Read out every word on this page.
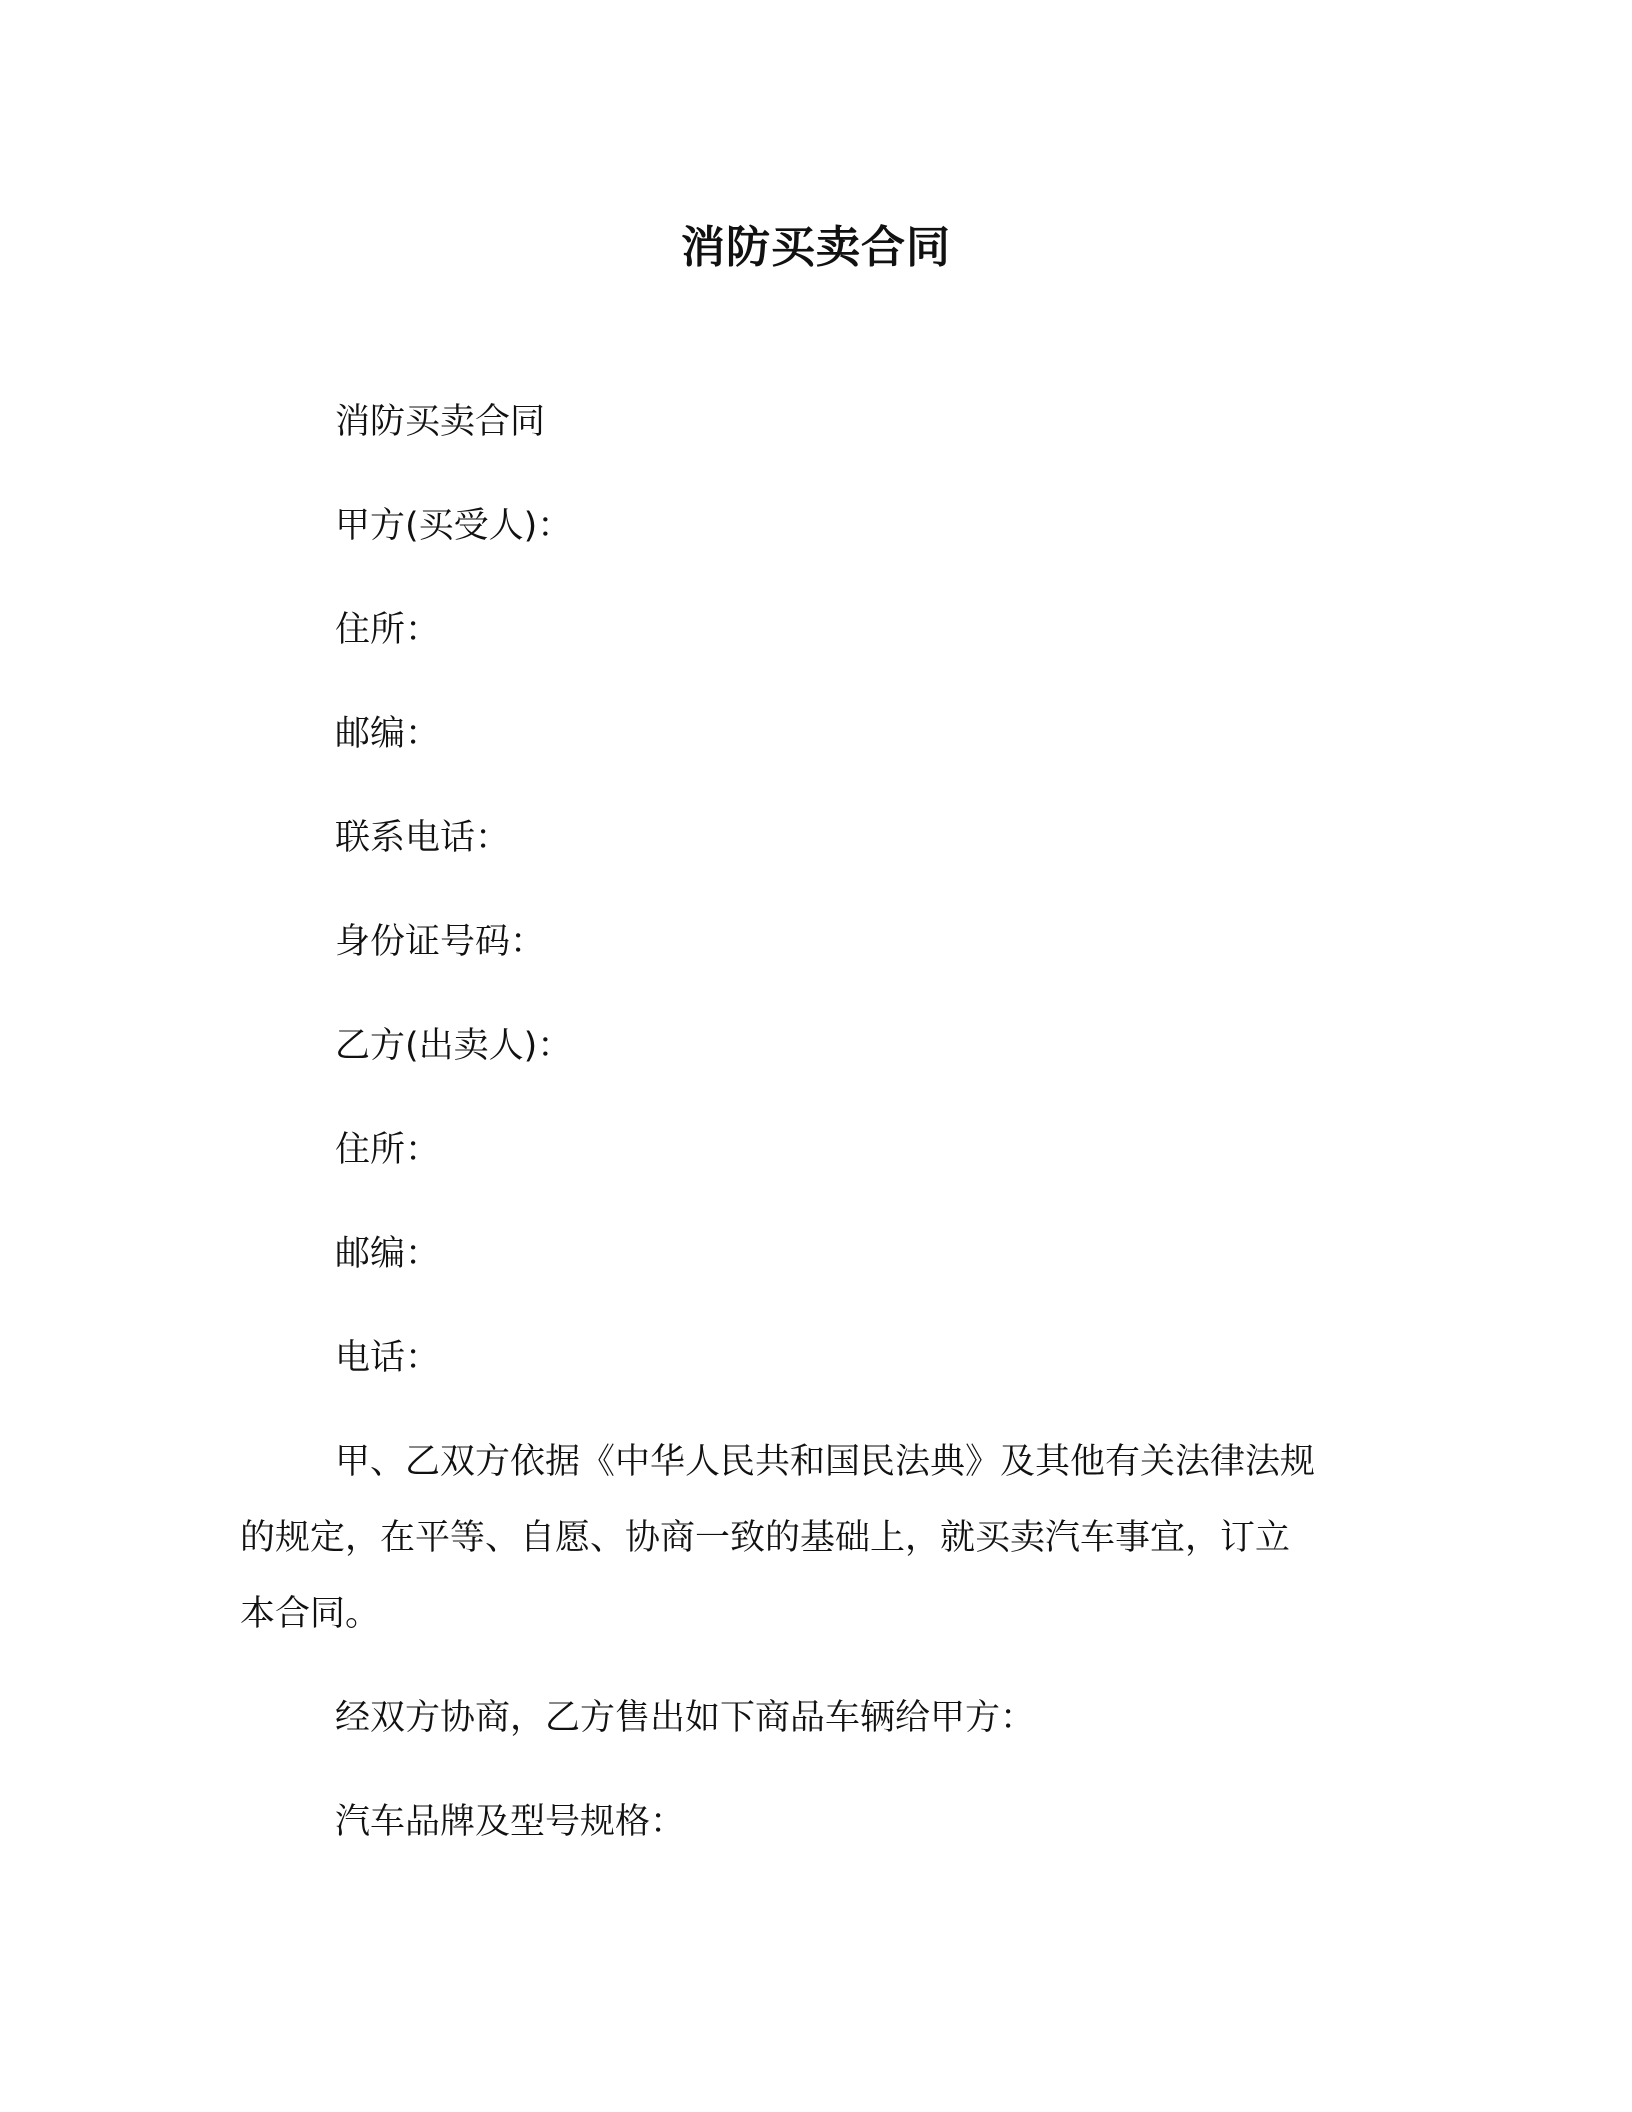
消防买卖合同
消防买卖合同
甲方(买受人)：
住所：
邮编：
联系电话：
身份证号码：
乙方(出卖人)：
住所：
邮编：
电话：
甲、乙双方依据《中华人民共和国民法典》及其他有关法律法规
的规定，在平等、自愿、协商一致的基础上，就买卖汽车事宜，订立
本合同。
经双方协商，乙方售出如下商品车辆给甲方：
汽车品牌及型号规格：
